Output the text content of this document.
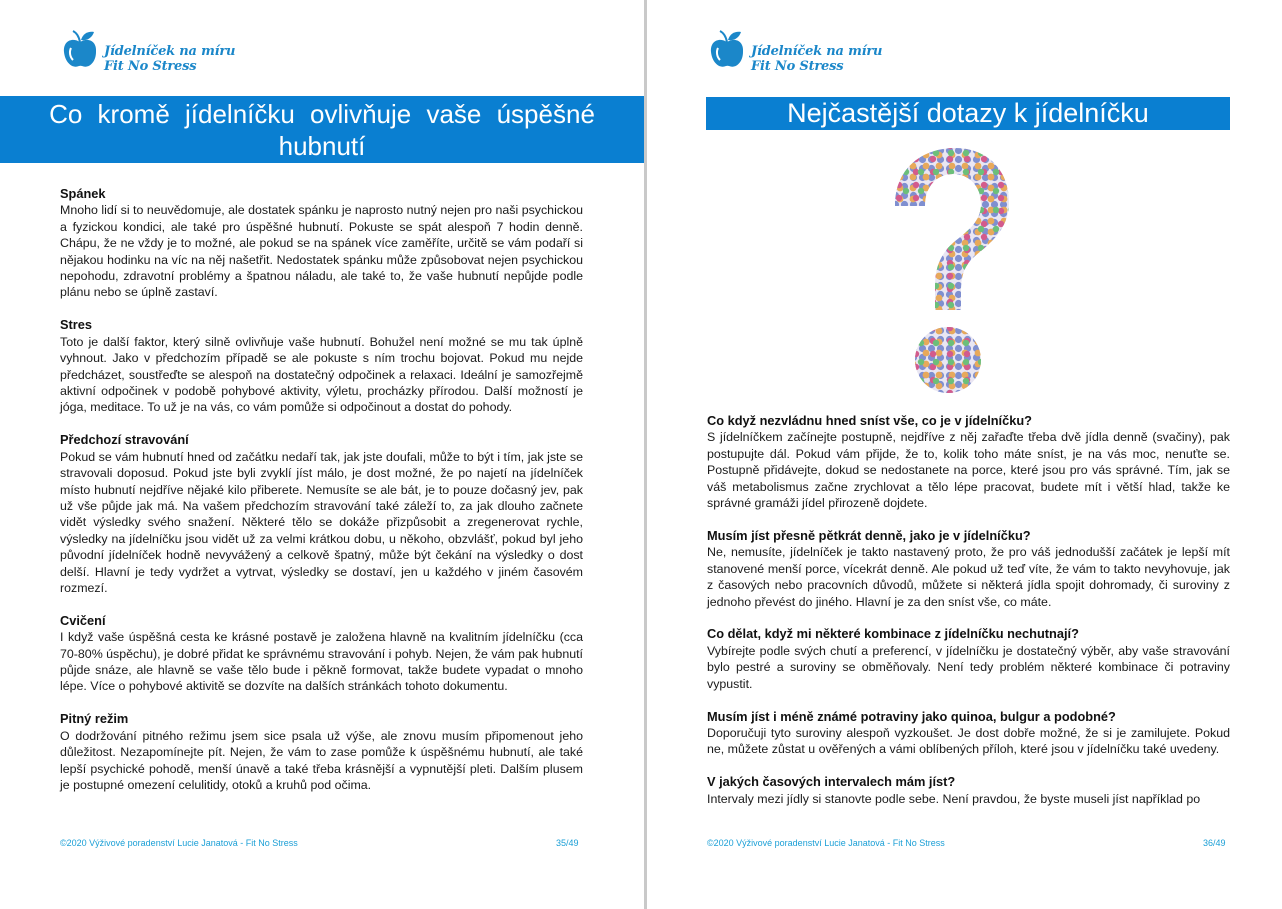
Jídelníček na míru
Fit No Stress
Co kromě jídelníčku ovlivňuje vaše úspěšné hubnutí
Spánek

Mnoho lidí si to neuvědomuje, ale dostatek spánku je naprosto nutný nejen pro naši psychickou a fyzickou kondici, ale také pro úspěšné hubnutí. Pokuste se spát alespoň 7 hodin denně. Chápu, že ne vždy je to možné, ale pokud se na spánek více zaměříte, určitě se vám podaří si nějakou hodinku na víc na něj našetřit. Nedostatek spánku může způsobovat nejen psychickou nepohodu, zdravotní problémy a špatnou náladu, ale také to, že vaše hubnutí nepůjde podle plánu nebo se úplně zastaví.

Stres

Toto je další faktor, který silně ovlivňuje vaše hubnutí. Bohužel není možné se mu tak úplně vyhnout. Jako v předchozím případě se ale pokuste s ním trochu bojovat. Pokud mu nejde předcházet, soustřeďte se alespoň na dostatečný odpočinek a relaxaci. Ideální je samozřejmě aktivní odpočinek v podobě pohybové aktivity, výletu, procházky přírodou. Další možností je jóga, meditace. To už je na vás, co vám pomůže si odpočinout a dostat do pohody.

Předchozí stravování

Pokud se vám hubnutí hned od začátku nedaří tak, jak jste doufali, může to být i tím, jak jste se stravovali doposud. Pokud jste byli zvyklí jíst málo, je dost možné, že po najetí na jídelníček místo hubnutí nejdříve nějaké kilo přiberete. Nemusíte se ale bát, je to pouze dočasný jev, pak už vše půjde jak má. Na vašem předchozím stravování také záleží to, za jak dlouho začnete vidět výsledky svého snažení. Některé tělo se dokáže přizpůsobit a zregenerovat rychle, výsledky na jídelníčku jsou vidět už za velmi krátkou dobu, u někoho, obzvlášť, pokud byl jeho původní jídelníček hodně nevyvážený a celkově špatný, může být čekání na výsledky o dost delší. Hlavní je tedy vydržet a vytrvat, výsledky se dostaví, jen u každého v jiném časovém rozmezí.

Cvičení

I když vaše úspěšná cesta ke krásné postavě je založena hlavně na kvalitním jídelníčku (cca 70-80% úspěchu), je dobré přidat ke správnému stravování i pohyb. Nejen, že vám pak hubnutí půjde snáze, ale hlavně se vaše tělo bude i pěkně formovat, takže budete vypadat o mnoho lépe. Více o pohybové aktivitě se dozvíte na dalších stránkách tohoto dokumentu.

Pitný režim

O dodržování pitného režimu jsem sice psala už výše, ale znovu musím připomenout jeho důležitost. Nezapomínejte pít. Nejen, že vám to zase pomůže k úspěšnému hubnutí, ale také lepší psychické pohodě, menší únavě a také třeba krásnější a vypnutější pleti. Dalším plusem je postupné omezení celulitidy, otoků a kruhů pod očima.

©2020 Výživové poradenství Lucie Janatová - Fit No Stress	35/49
Jídelníček na míru
Fit No Stress
Nejčastější dotazy k jídelníčku
Co když nezvládnu hned sníst vše, co je v jídelníčku?

S jídelníčkem začínejte postupně, nejdříve z něj zařaďte třeba dvě jídla denně (svačiny), pak postupujte dál. Pokud vám přijde, že to, kolik toho máte sníst, je na vás moc, nenuťte se. Postupně přidávejte, dokud se nedostanete na porce, které jsou pro vás správné. Tím, jak se váš metabolismus začne zrychlovat a tělo lépe pracovat, budete mít i větší hlad, takže ke správné gramáži jídel přirozeně dojdete.

Musím jíst přesně pětkrát denně, jako je v jídelníčku?

Ne, nemusíte, jídelníček je takto nastavený proto, že pro váš jednodušší začátek je lepší mít stanovené menší porce, vícekrát denně. Ale pokud už teď víte, že vám to takto nevyhovuje, jak z časových nebo pracovních důvodů, můžete si některá jídla spojit dohromady, či suroviny z jednoho převést do jiného. Hlavní je za den sníst vše, co máte.

Co dělat, když mi některé kombinace z jídelníčku nechutnají?

Vybírejte podle svých chutí a preferencí, v jídelníčku je dostatečný výběr, aby vaše stravování bylo pestré a suroviny se obměňovaly. Není tedy problém některé kombinace či potraviny vypustit.

Musím jíst i méně známé potraviny jako quinoa, bulgur a podobné?

Doporučuji tyto suroviny alespoň vyzkoušet. Je dost dobře možné, že si je zamilujete. Pokud ne, můžete zůstat u ověřených a vámi oblíbených příloh, které jsou v jídelníčku také uvedeny.

V jakých časových intervalech mám jíst?

Intervaly mezi jídly si stanovte podle sebe. Není pravdou, že byste museli jíst například po

©2020 Výživové poradenství Lucie Janatová - Fit No Stress	36/49
